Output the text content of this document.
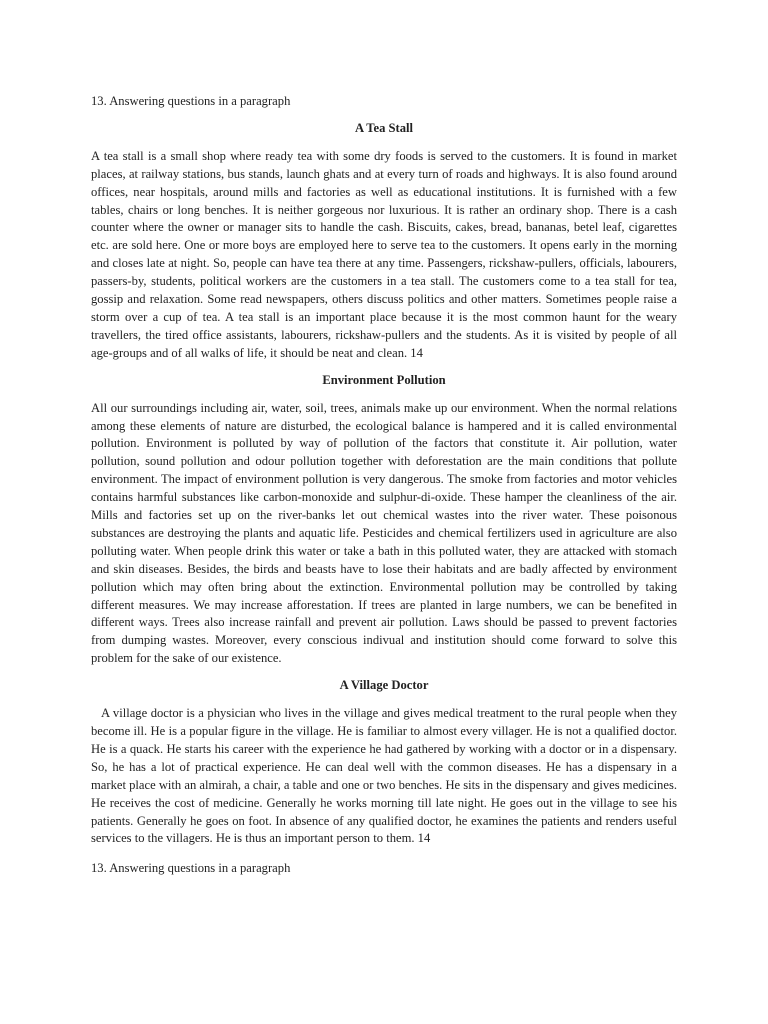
13. Answering questions in a paragraph
A Tea Stall

A tea stall is a small shop where ready tea with some dry foods is served to the customers. It is found in market places, at railway stations, bus stands, launch ghats and at every turn of roads and highways. It is also found around offices, near hospitals, around mills and factories as well as educational institutions. It is furnished with a few tables, chairs or long benches. It is neither gorgeous nor luxurious. It is rather an ordinary shop. There is a cash counter where the owner or manager sits to handle the cash. Biscuits, cakes, bread, bananas, betel leaf, cigarettes etc. are sold here. One or more boys are employed here to serve tea to the customers. It opens early in the morning and closes late at night. So, people can have tea there at any time. Passengers, rickshaw-pullers, officials, labourers, passers-by, students, political workers are the customers in a tea stall. The customers come to a tea stall for tea, gossip and relaxation. Some read newspapers, others discuss politics and other matters. Sometimes people raise a storm over a cup of tea. A tea stall is an important place because it is the most common haunt for the weary travellers, the tired office assistants, labourers, rickshaw-pullers and the students. As it is visited by people of all age-groups and of all walks of life, it should be neat and clean. 14

Environment Pollution

All our surroundings including air, water, soil, trees, animals make up our environment. When the normal relations among these elements of nature are disturbed, the ecological balance is hampered and it is called environmental pollution. Environment is polluted by way of pollution of the factors that constitute it. Air pollution, water pollution, sound pollution and odour pollution together with deforestation are the main conditions that pollute environment. The impact of environment pollution is very dangerous. The smoke from factories and motor vehicles contains harmful substances like carbon-monoxide and sulphur-di-oxide. These hamper the cleanliness of the air. Mills and factories set up on the river-banks let out chemical wastes into the river water. These poisonous substances are destroying the plants and aquatic life. Pesticides and chemical fertilizers used in agriculture are also polluting water. When people drink this water or take a bath in this polluted water, they are attacked with stomach and skin diseases. Besides, the birds and beasts have to lose their habitats and are badly affected by environment pollution which may often bring about the extinction. Environmental pollution may be controlled by taking different measures. We may increase afforestation. If trees are planted in large numbers, we can be benefited in different ways. Trees also increase rainfall and prevent air pollution. Laws should be passed to prevent factories from dumping wastes. Moreover, every conscious indivual and institution should come forward to solve this problem for the sake of our existence.

A Village Doctor

A village doctor is a physician who lives in the village and gives medical treatment to the rural people when they become ill. He is a popular figure in the village. He is familiar to almost every villager. He is not a qualified doctor. He is a quack. He starts his career with the experience he had gathered by working with a doctor or in a dispensary. So, he has a lot of practical experience. He can deal well with the common diseases. He has a dispensary in a market place with an almirah, a chair, a table and one or two benches. He sits in the dispensary and gives medicines. He receives the cost of medicine. Generally he works morning till late night. He goes out in the village to see his patients. Generally he goes on foot. In absence of any qualified doctor, he examines the patients and renders useful services to the villagers. He is thus an important person to them. 14

13. Answering questions in a paragraph
